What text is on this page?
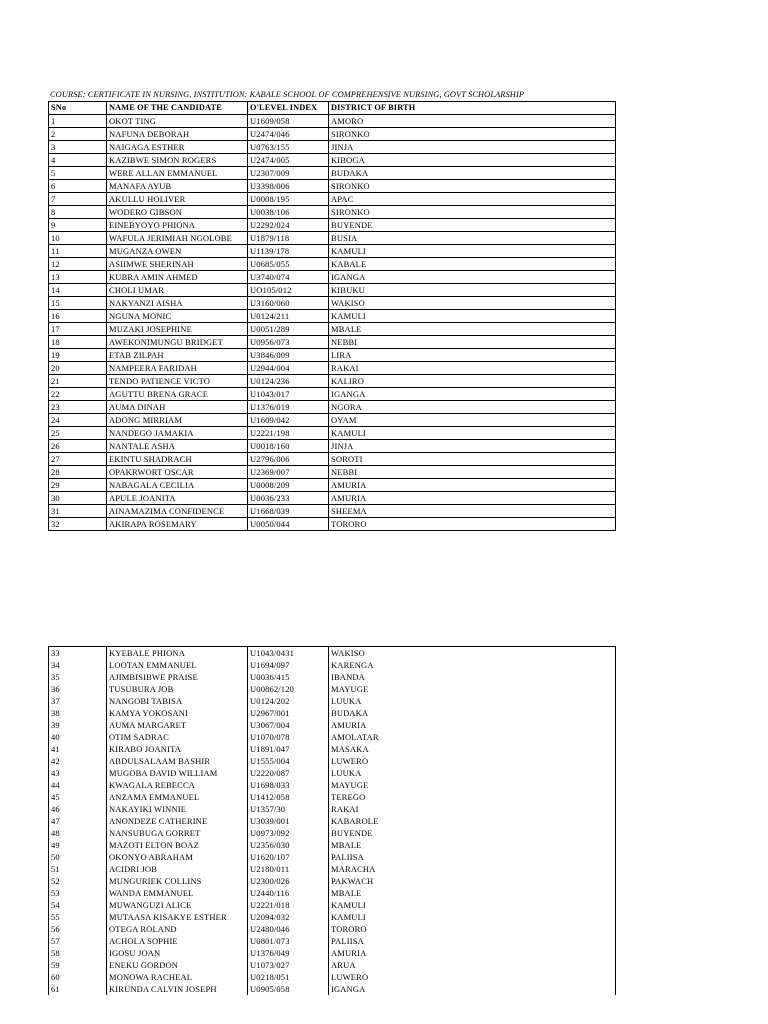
COURSE: CERTIFICATE IN NURSING, INSTITUTION: KABALE SCHOOL OF COMPREHENSIVE NURSING, GOVT SCHOLARSHIP
SNo	NAME OF THE CANDIDATE	O'LEVEL INDEX	DISTRICT OF BIRTH
1	OKOT TING	U1609/058	AMORO
2	NAFUNA DEBORAH	U2474/046	SIRONKO
3	NAIGAGA ESTHER	U0763/155	JINJA
4	KAZIBWE SIMON ROGERS	U2474/005	KIBOGA
5	WERE ALLAN EMMANUEL	U2307/009	BUDAKA
6	MANAFA AYUB	U3398/006	SIRONKO
7	AKULLU HOLIVER	U0008/195	APAC
8	WODERO GIBSON	U0038/106	SIRONKO
9	EINEBYOYO PHIONA	U2292/024	BUYENDE
10	WAFULA JERIMIAH NGOLOBE	U1879/118	BUSIA
11	MUGANZA OWEN	U1139/178	KAMULI
12	ASIIMWE SHERINAH	U0685/055	KABALE
13	KUBRA AMIN AHMED	U3740/074	IGANGA
14	CHOLI UMAR	UO105/012	KIBUKU
15	NAKYANZI AISHA	U3160/060	WAKISO
16	NGUNA MONIC	U0124/211	KAMULI
17	MUZAKI JOSEPHINE	U0051/289	MBALE
18	AWEKONIMUNGU BRIDGET	U0956/073	NEBBI
19	ETAB ZILPAH	U3846/009	LIRA
20	NAMPEERA FARIDAH	U2944/004	RAKAI
21	TENDO PATIENCE VICTO	U0124/236	KALIRO
22	AGUTTU BRENA GRACE	U1043/017	IGANGA
23	AUMA DINAH	U1376/019	NGORA
24	ADONG MIRRIAM	U1609/042	OYAM
25	NANDEGO JAMAKIA	U2221/198	KAMULI
26	NANTALE ASHA	U0018/160	JINJA
27	EKINTU SHADRACH	U2796/006	SOROTI
28	OPAKRWORT OSCAR	U2369/007	NEBBI
29	NABAGALA CECILIA	U0008/209	AMURIA
30	APULE JOANITA	U0036/233	AMURIA
31	AINAMAZIMA CONFIDENCE	U1668/039	SHEEMA
32	AKIRAPA ROSEMARY	U0050/044	TORORO
33	KYEBALE PHIONA	U1043/0431	WAKISO
34	LOOTAN EMMANUEL	U1694/097	KARENGA
35	AJIMBISIBWE PRAISE	U0036/415	IBANDA
36	TUSUBURA JOB	U00862/120	MAYUGE
37	NANGOBI TABISA	U0124/202	LUUKA
38	KAMYA YOKOSANI	U2967/001	BUDAKA
39	AUMA MARGARET	U3067/004	AMURIA
40	OTIM SADRAC	U1070/078	AMOLATAR
41	KIRABO JOANITA	U1891/047	MASAKA
42	ABDULSALAAM BASHIR	U1555/004	LUWERO
43	MUGOBA DAVID WILLIAM	U2220/087	LUUKA
44	KWAGALA REBECCA	U1698/033	MAYUGE
45	ANZAMA EMMANUEL	U1412/058	TEREGO
46	NAKAYIKI WINNIE	U1357/30	RAKAI
47	ANONDEZE CATHERINE	U3039/001	KABAROLE
48	NANSUBUGA GORRET	U0973/092	BUYENDE
49	MAZOTI ELTON BOAZ	U2356/030	MBALE
50	OKONYO ABRAHAM	U1620/107	PALIISA
51	ACIDRI JOB	U2180/011	MARACHA
52	MUNGURIEK COLLINS	U2300/026	PAKWACH
53	WANDA EMMANUEL	U2440/116	MBALE
54	MUWANGUZI ALICE	U2221/018	KAMULI
55	MUTAASA KISAKYE ESTHER	U2094/032	KAMULI
56	OTEGA ROLAND	U2480/046	TORORO
57	ACHOLA SOPHIE	U0801/073	PALIISA
58	IGOSU JOAN	U1376/049	AMURIA
59	ENEKU GORDON	U1073/027	ARUA
60	MONOWA RACHEAL	U0218/051	LUWERO
61	KIRUNDA CALVIN JOSEPH	U0905/058	IGANGA
